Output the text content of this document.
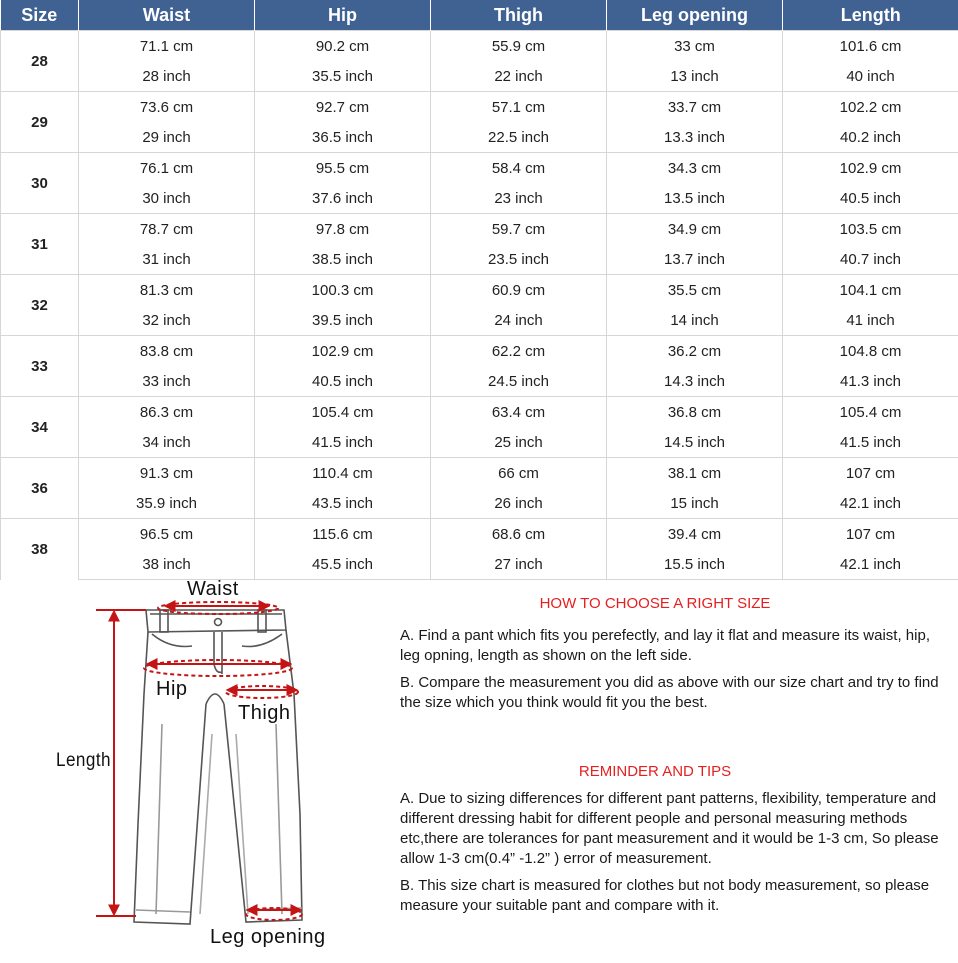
Size	Waist	Hip	Thigh	Leg opening	Length
28	71.1 cm	90.2 cm	55.9 cm	33 cm	101.6 cm
	28 inch	35.5 inch	22 inch	13 inch	40 inch
29	73.6 cm	92.7 cm	57.1 cm	33.7 cm	102.2 cm
	29 inch	36.5 inch	22.5 inch	13.3 inch	40.2 inch
30	76.1 cm	95.5 cm	58.4 cm	34.3 cm	102.9 cm
	30 inch	37.6 inch	23 inch	13.5 inch	40.5 inch
31	78.7 cm	97.8 cm	59.7 cm	34.9 cm	103.5 cm
	31 inch	38.5 inch	23.5 inch	13.7 inch	40.7 inch
32	81.3 cm	100.3 cm	60.9 cm	35.5 cm	104.1 cm
	32 inch	39.5 inch	24 inch	14 inch	41 inch
33	83.8 cm	102.9 cm	62.2 cm	36.2 cm	104.8 cm
	33 inch	40.5 inch	24.5 inch	14.3 inch	41.3 inch
34	86.3 cm	105.4 cm	63.4 cm	36.8 cm	105.4 cm
	34 inch	41.5 inch	25 inch	14.5 inch	41.5 inch
36	91.3 cm	110.4 cm	66 cm	38.1 cm	107 cm
	35.9 inch	43.5 inch	26 inch	15 inch	42.1 inch
38	96.5 cm	115.6 cm	68.6 cm	39.4 cm	107 cm
	38 inch	45.5 inch	27 inch	15.5 inch	42.1 inch
Waist
Hip
Thigh
Length
Leg opening
HOW TO CHOOSE A RIGHT SIZE
A. Find a pant which fits you perefectly, and lay it flat and measure its waist, hip, leg opning, length as shown on the left side.
B. Compare the measurement you did as above with our size chart and try to find the size which you think would fit you the best.
REMINDER AND TIPS
A. Due to sizing differences for different pant patterns, flexibility, temperature and different dressing habit for different people and personal measuring methods etc,there are tolerances for pant measurement and it would be 1-3 cm, So please allow 1-3 cm(0.4” -1.2” ) error of measurement.
B. This size chart is measured for clothes but not body measurement, so please measure your suitable pant and compare with it.
